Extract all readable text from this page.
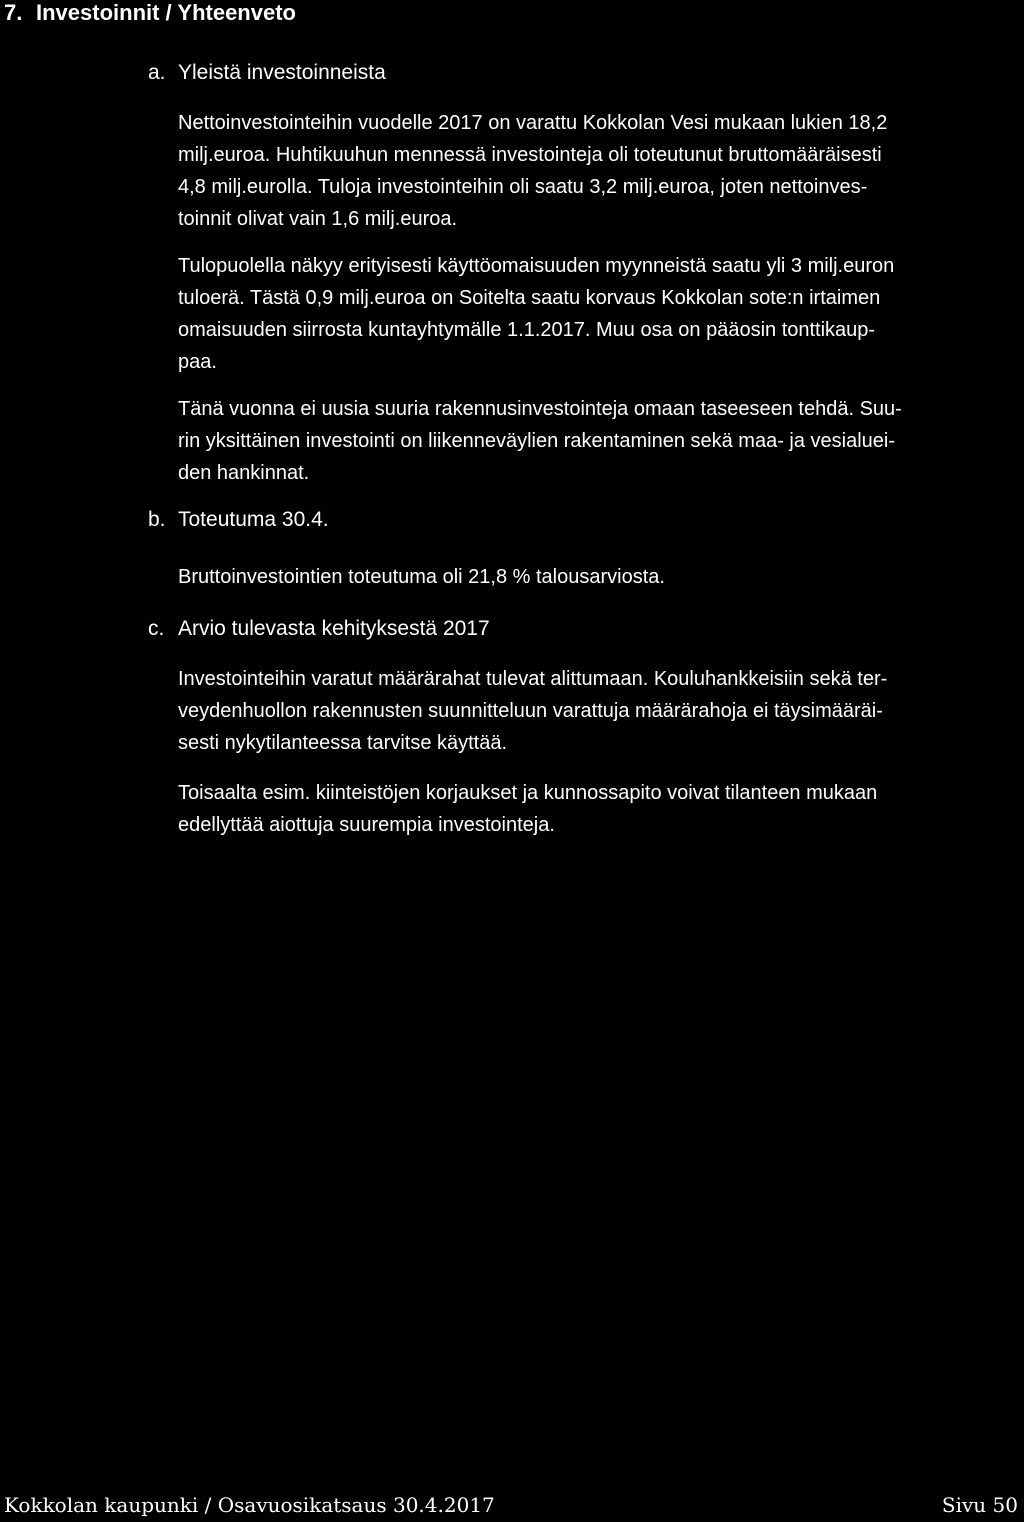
7. Investoinnit / Yhteenveto
a. Yleistä investoinneista
Nettoinvestointeihin vuodelle 2017 on varattu Kokkolan Vesi mukaan lukien 18,2
milj.euroa. Huhtikuuhun mennessä investointeja oli toteutunut bruttomääräisesti
4,8 milj.eurolla. Tuloja investointeihin oli saatu 3,2 milj.euroa, joten nettoinves-
toinnit olivat vain 1,6 milj.euroa.
Tulopuolella näkyy erityisesti käyttöomaisuuden myynneistä saatu yli 3 milj.euron
tuloerä. Tästä 0,9 milj.euroa on Soitelta saatu korvaus Kokkolan sote:n irtaimen
omaisuuden siirrosta kuntayhtymälle 1.1.2017. Muu osa on pääosin tonttikaup-
paa.
Tänä vuonna ei uusia suuria rakennusinvestointeja omaan taseeseen tehdä. Suu-
rin yksittäinen investointi on liikenneväylien rakentaminen sekä maa- ja vesialuei-
den hankinnat.
b. Toteutuma 30.4.
Bruttoinvestointien toteutuma oli 21,8 % talousarviosta.
c. Arvio tulevasta kehityksestä 2017
Investointeihin varatut määrärahat tulevat alittumaan. Kouluhankkeisiin sekä ter-
veydenhuollon rakennusten suunnitteluun varattuja määrärahoja ei täysimääräi-
sesti nykytilanteessa tarvitse käyttää.
Toisaalta esim. kiinteistöjen korjaukset ja kunnossapito voivat tilanteen mukaan
edellyttää aiottuja suurempia investointeja.
Kokkolan kaupunki / Osavuosikatsaus 30.4.2017	Sivu 50
